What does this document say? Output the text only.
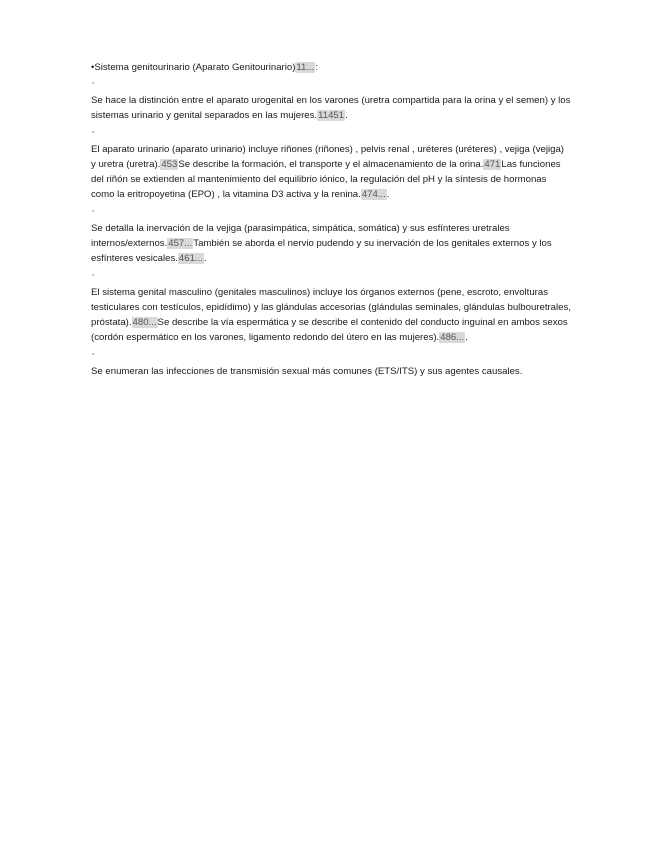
•Sistema genitourinario (Aparato Genitourinario)11...:
◦
Se hace la distinción entre el aparato urogenital en los varones (uretra compartida para la orina y el semen) y los sistemas urinario y genital separados en las mujeres.11451.
◦
El aparato urinario (aparato urinario) incluye riñones (riñones) , pelvis renal , uréteres (uréteres) , vejiga (vejiga) y uretra (uretra).453Se describe la formación, el transporte y el almacenamiento de la orina.471Las funciones del riñón se extienden al mantenimiento del equilibrio iónico, la regulación del pH y la síntesis de hormonas como la eritropoyetina (EPO) , la vitamina D3 activa y la renina.474....
◦
Se detalla la inervación de la vejiga (parasimpática, simpática, somática) y sus esfínteres uretrales internos/externos.457...También se aborda el nervio pudendo y su inervación de los genitales externos y los esfínteres vesicales.461....
◦
El sistema genital masculino (genitales masculinos) incluye los órganos externos (pene, escroto, envolturas testiculares con testículos, epidídimo) y las glándulas accesorias (glándulas seminales, glándulas bulbouretrales, próstata).480...Se describe la vía espermática y se describe el contenido del conducto inguinal en ambos sexos (cordón espermático en los varones, ligamento redondo del útero en las mujeres).486....
◦
Se enumeran las infecciones de transmisión sexual más comunes (ETS/ITS) y sus agentes causales.
